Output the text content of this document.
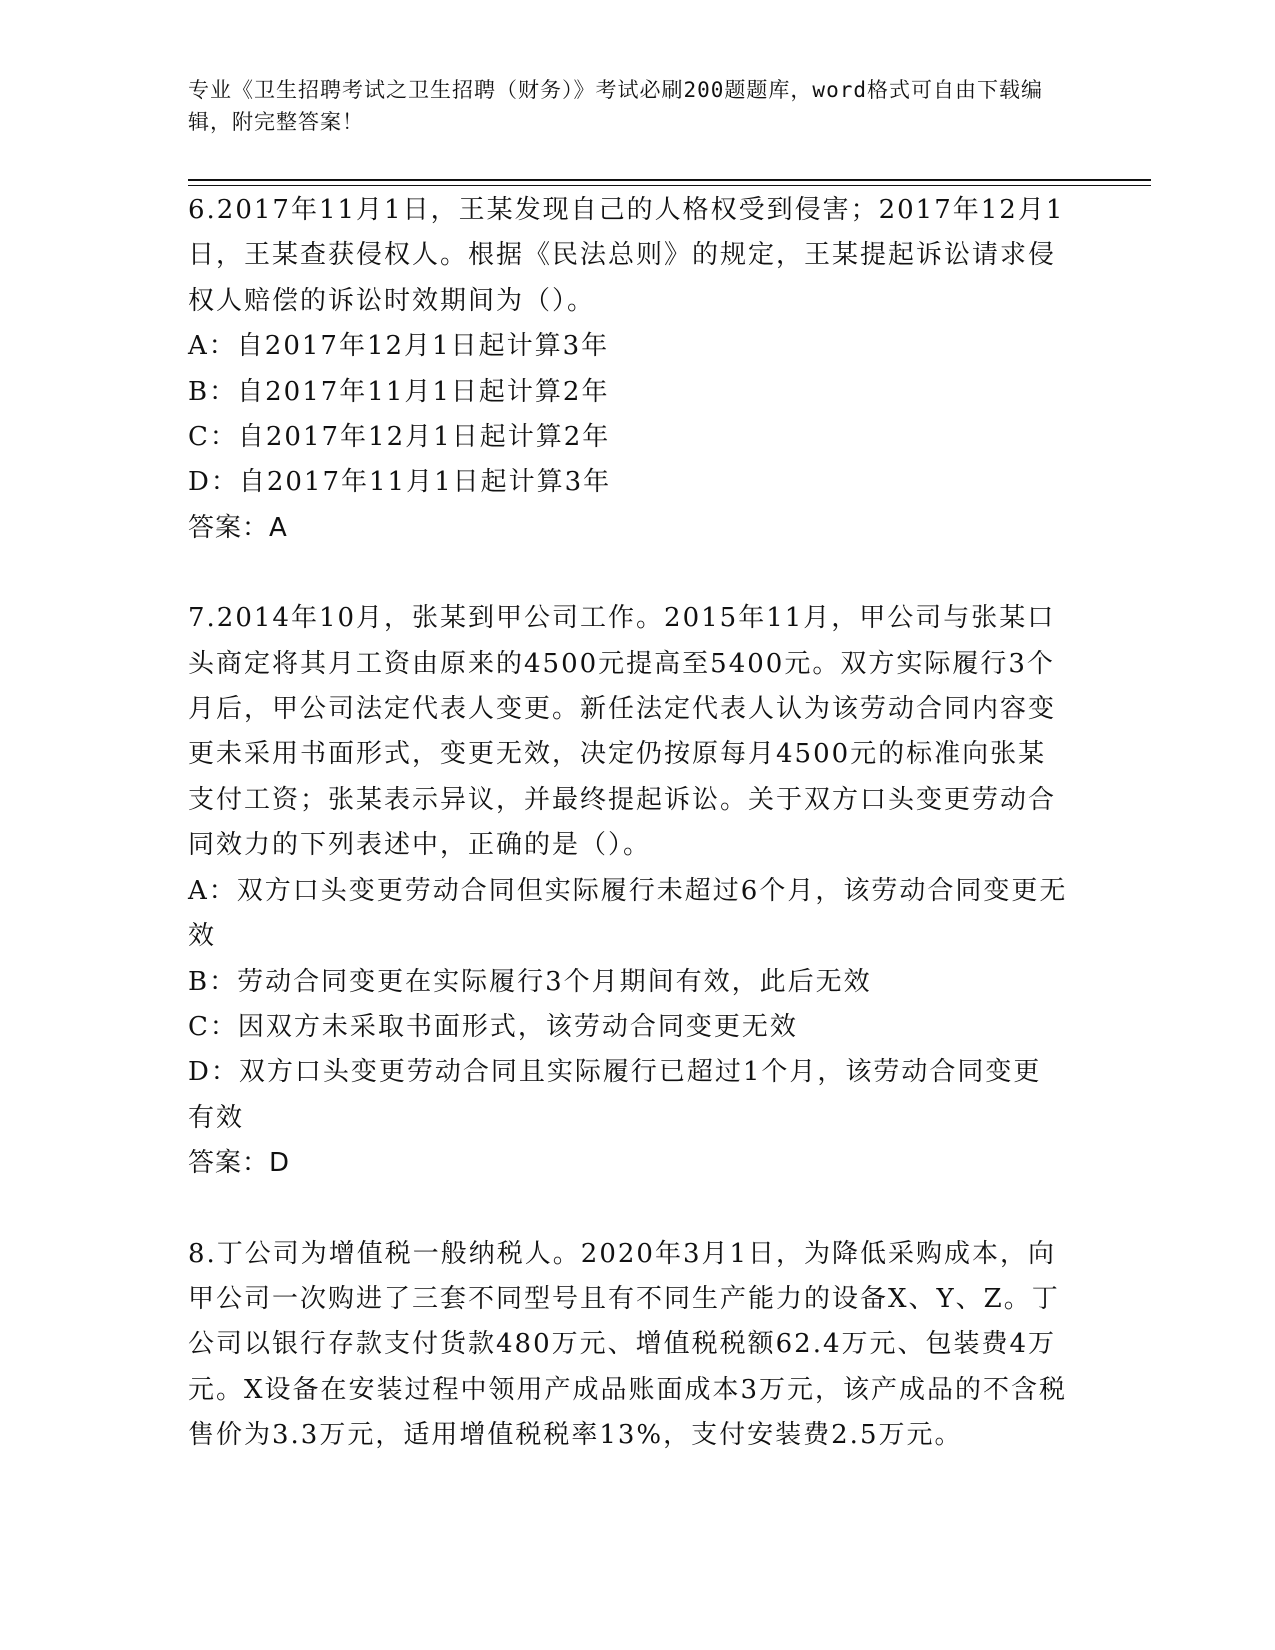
专业《卫生招聘考试之卫生招聘（财务）》考试必刷200题题库，word格式可自由下载编辑，附完整答案！

6.2017年11月1日，王某发现自己的人格权受到侵害；2017年12月1日，王某查获侵权人。根据《民法总则》的规定，王某提起诉讼请求侵权人赔偿的诉讼时效期间为（）。

A：自2017年12月1日起计算3年

B：自2017年11月1日起计算2年

C：自2017年12月1日起计算2年

D：自2017年11月1日起计算3年

答案：A

7.2014年10月，张某到甲公司工作。2015年11月，甲公司与张某口头商定将其月工资由原来的4500元提高至5400元。双方实际履行3个月后，甲公司法定代表人变更。新任法定代表人认为该劳动合同内容变更未采用书面形式，变更无效，决定仍按原每月4500元的标准向张某支付工资；张某表示异议，并最终提起诉讼。关于双方口头变更劳动合同效力的下列表述中，正确的是（）。

A：双方口头变更劳动合同但实际履行未超过6个月，该劳动合同变更无效

B：劳动合同变更在实际履行3个月期间有效，此后无效

C：因双方未采取书面形式，该劳动合同变更无效

D：双方口头变更劳动合同且实际履行已超过1个月，该劳动合同变更有效

答案：D

8.丁公司为增值税一般纳税人。2020年3月1日，为降低采购成本，向甲公司一次购进了三套不同型号且有不同生产能力的设备X、Y、Z。丁公司以银行存款支付货款480万元、增值税税额62.4万元、包装费4万元。X设备在安装过程中领用产成品账面成本3万元，该产成品的不含税售价为3.3万元，适用增值税税率13%，支付安装费2.5万元。
